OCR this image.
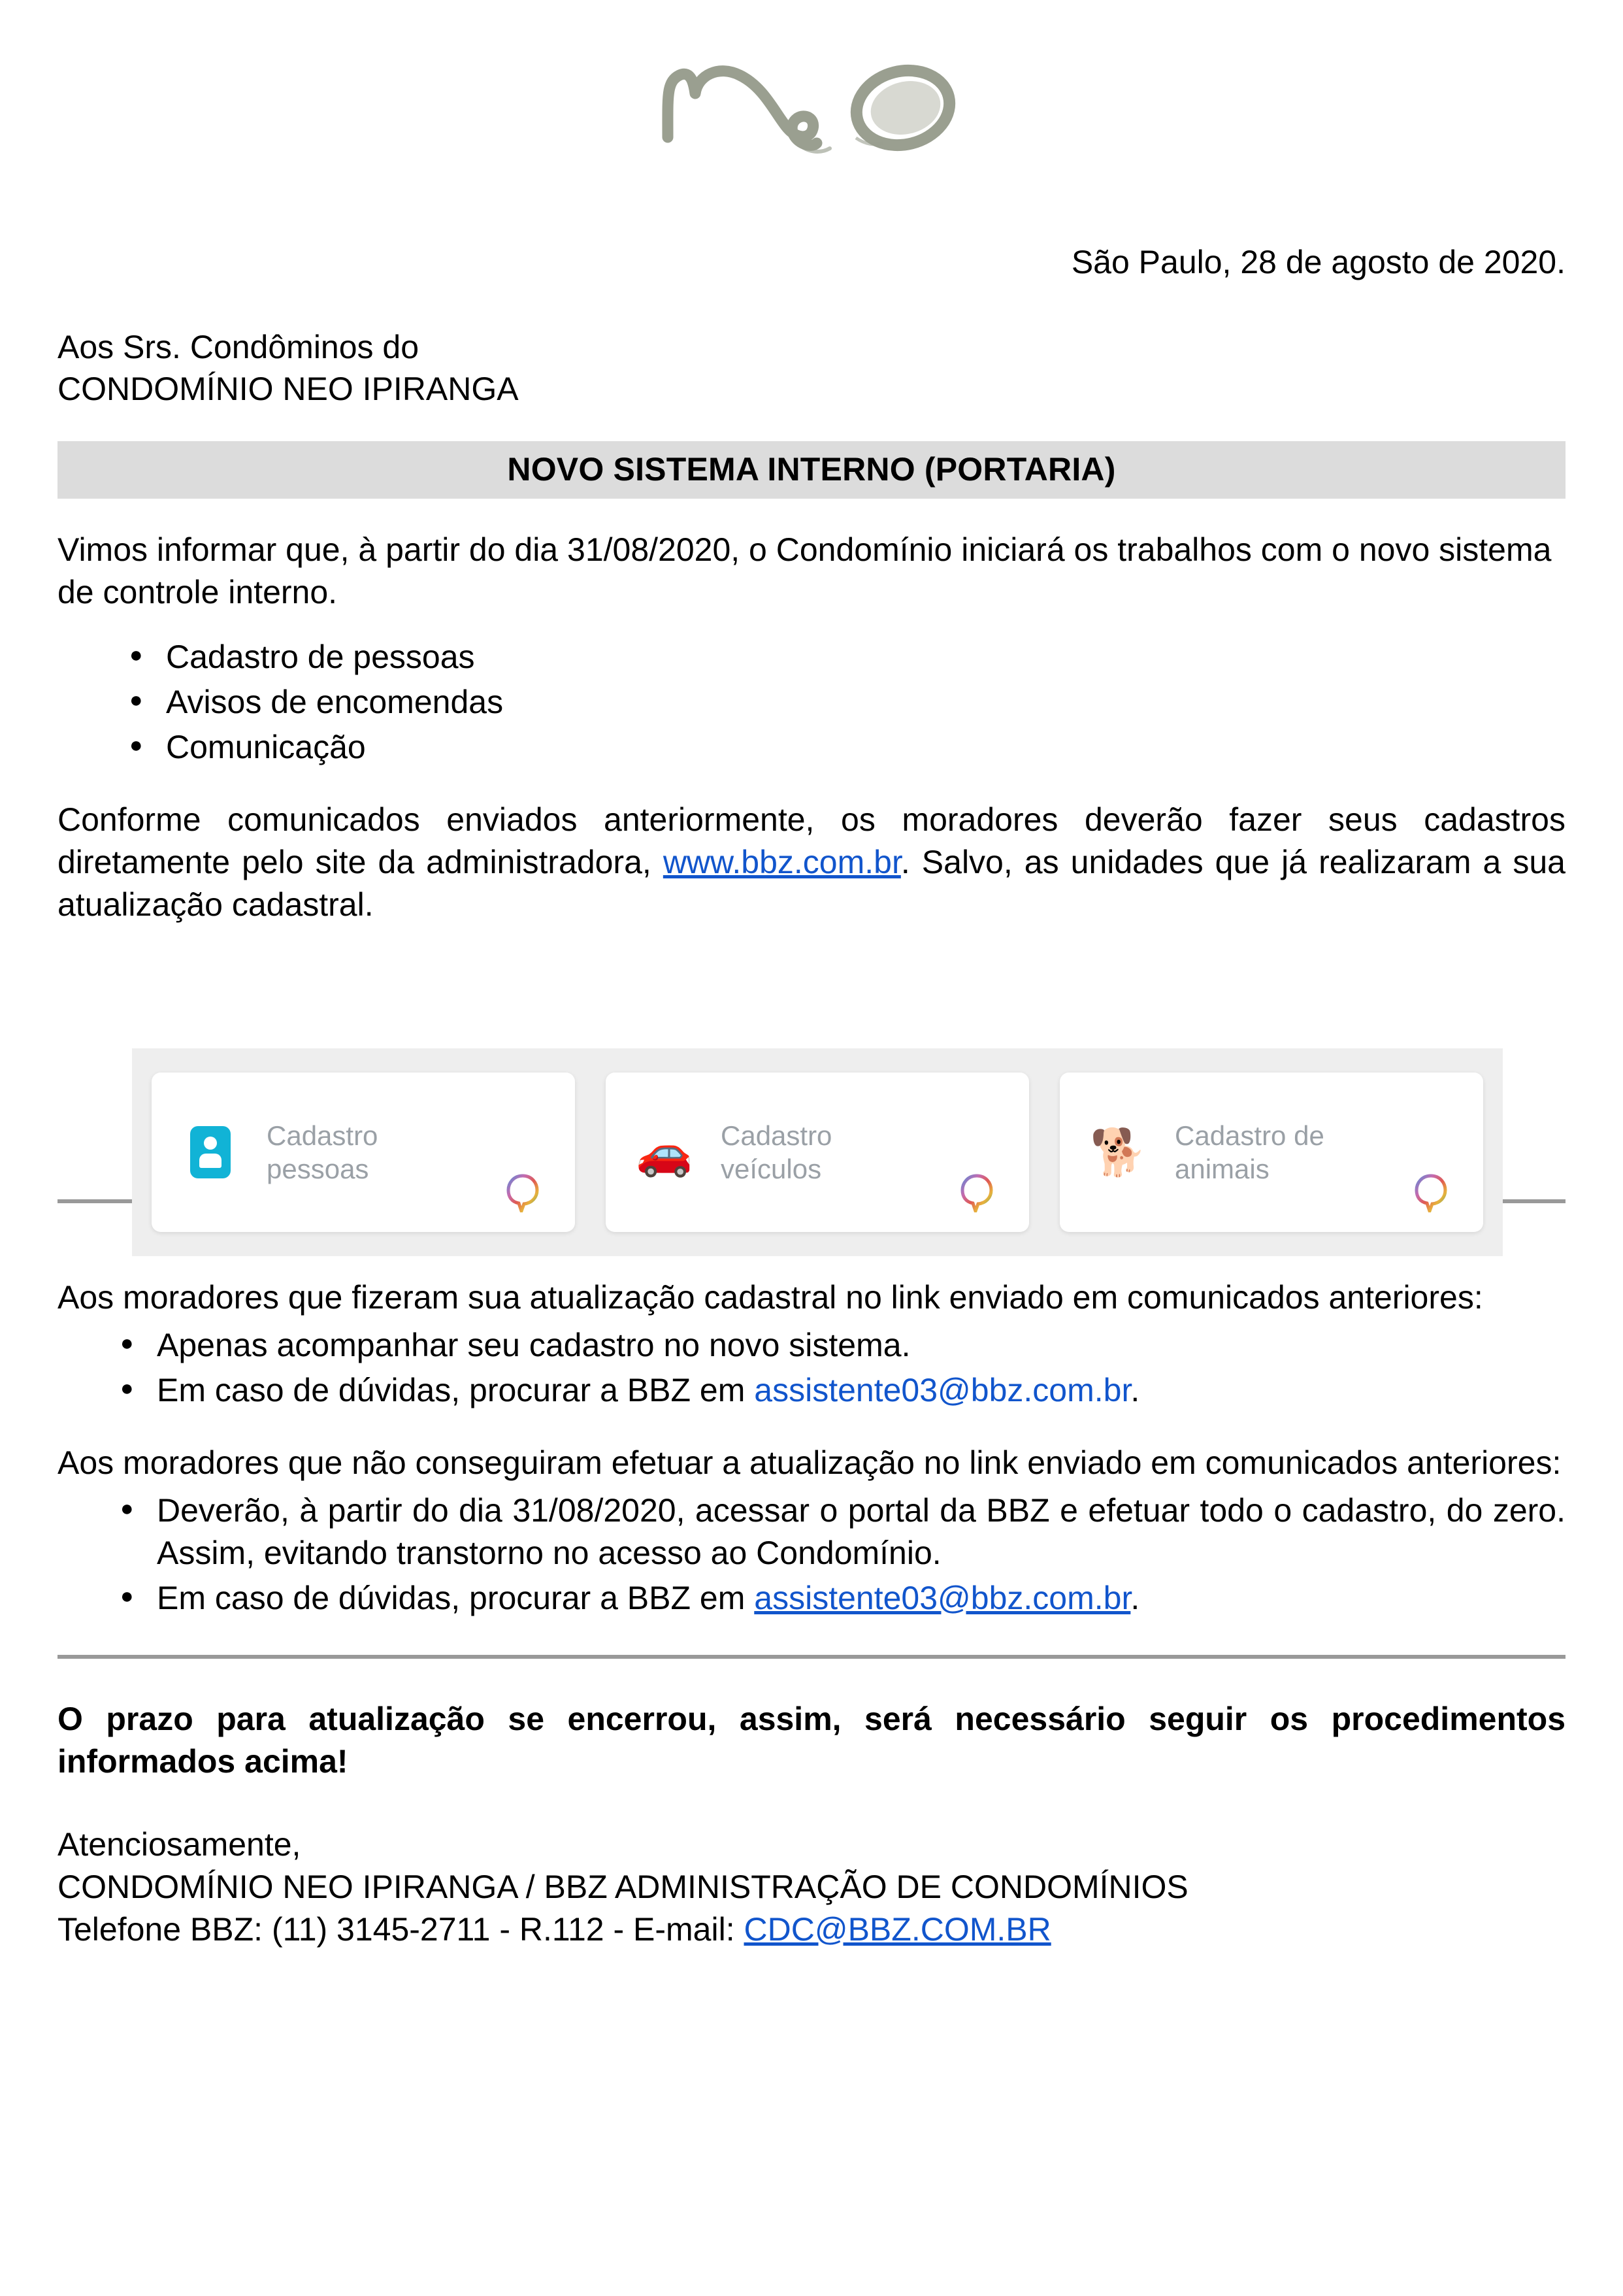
São Paulo, 28 de agosto de 2020.
Aos Srs. Condôminos do
CONDOMÍNIO NEO IPIRANGA
NOVO SISTEMA INTERNO (PORTARIA)

Vimos informar que, à partir do dia 31/08/2020, o Condomínio iniciará os trabalhos com o novo sistema de controle interno.

● Cadastro de pessoas
● Avisos de encomendas
● Comunicação

Conforme comunicados enviados anteriormente, os moradores deverão fazer seus cadastros diretamente pelo site da administradora, www.bbz.com.br. Salvo, as unidades que já realizaram a sua atualização cadastral.

Aos moradores que fizeram sua atualização cadastral no link enviado em comunicados anteriores:

● Apenas acompanhar seu cadastro no novo sistema.
● Em caso de dúvidas, procurar a BBZ em assistente03@bbz.com.br.

Aos moradores que não conseguiram efetuar a atualização no link enviado em comunicados anteriores:

● Deverão, à partir do dia 31/08/2020, acessar o portal da BBZ e efetuar todo o cadastro, do zero. Assim, evitando transtorno no acesso ao Condomínio.
● Em caso de dúvidas, procurar a BBZ em assistente03@bbz.com.br.
O prazo para atualização se encerrou, assim, será necessário seguir os procedimentos informados acima!
Atenciosamente,
CONDOMÍNIO NEO IPIRANGA / BBZ ADMINISTRAÇÃO DE CONDOMÍNIOS
Telefone BBZ: (11) 3145-2711 - R.112 - E-mail: CDC@BBZ.COM.BR
Cadastro
pessoas	🚗 Cadastro
veículos	🐕 Cadastro de
animais
